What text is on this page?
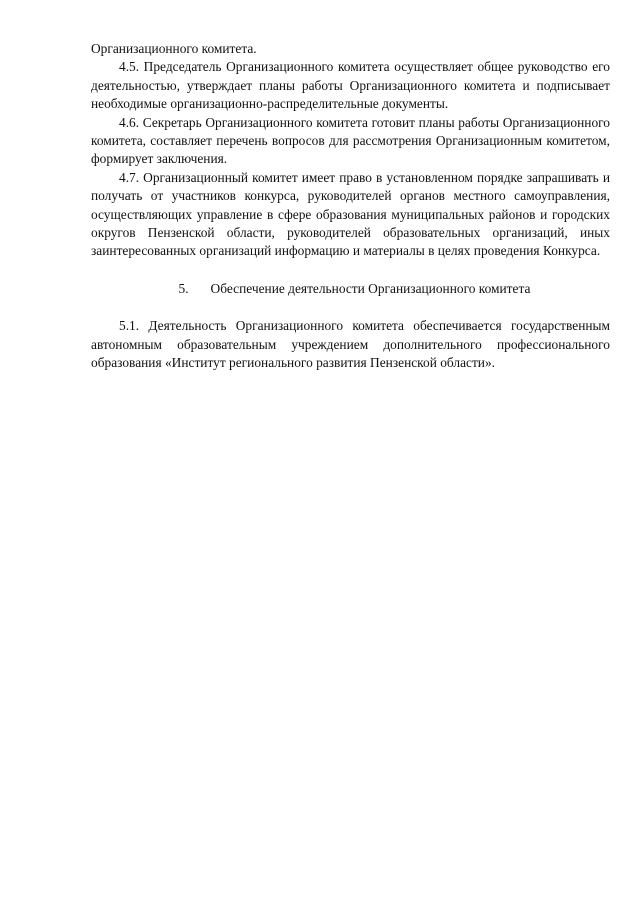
Организационного комитета.

4.5. Председатель Организационного комитета осуществляет общее руководство его деятельностью, утверждает планы работы Организационного комитета и подписывает необходимые организационно-распределительные документы.

4.6. Секретарь Организационного комитета готовит планы работы Организационного комитета, составляет перечень вопросов для рассмотрения Организационным комитетом, формирует заключения.

4.7. Организационный комитет имеет право в установленном порядке запрашивать и получать от участников конкурса, руководителей органов местного самоуправления, осуществляющих управление в сфере образования муниципальных районов и городских округов Пензенской области, руководителей образовательных организаций, иных заинтересованных организаций информацию и материалы в целях проведения Конкурса.

5. Обеспечение деятельности Организационного комитета

5.1. Деятельность Организационного комитета обеспечивается государственным автономным образовательным учреждением дополнительного профессионального образования «Институт регионального развития Пензенской области».
